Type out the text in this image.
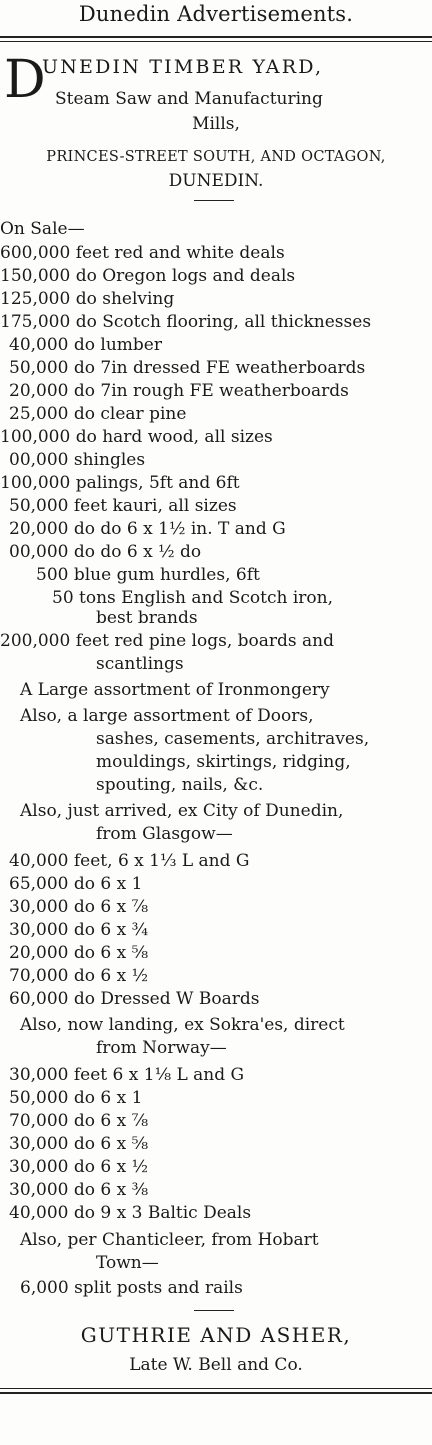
Dunedin Advertisements.
D
UNEDIN TIMBER YARD,
Steam Saw and Manufacturing
Mills,
PRINCES-STREET SOUTH, AND OCTAGON,
DUNEDIN.
On Sale—
600,000 feet red and white deals
150,000 do Oregon logs and deals
125,000 do shelving
175,000 do Scotch flooring, all thicknesses
40,000 do lumber
50,000 do 7in dressed FE weatherboards
20,000 do 7in rough FE weatherboards
25,000 do clear pine
100,000 do hard wood, all sizes
00,000 shingles
100,000 palings, 5ft and 6ft
50,000 feet kauri, all sizes
20,000 do do 6 x 1½ in. T and G
00,000 do do 6 x ½ do
500 blue gum hurdles, 6ft
50 tons English and Scotch iron,
best brands
200,000 feet red pine logs, boards and
scantlings
A Large assortment of Ironmongery
Also, a large assortment of Doors,
sashes, casements, architraves,
mouldings, skirtings, ridging,
spouting, nails, &c.
Also, just arrived, ex City of Dunedin,
from Glasgow—
40,000 feet, 6 x 1⅓ L and G
65,000 do 6 x 1
30,000 do 6 x ⅞
30,000 do 6 x ¾
20,000 do 6 x ⅝
70,000 do 6 x ½
60,000 do Dressed W Boards
Also, now landing, ex Sokra'es, direct
from Norway—
30,000 feet 6 x 1⅛ L and G
50,000 do 6 x 1
70,000 do 6 x ⅞
30,000 do 6 x ⅝
30,000 do 6 x ½
30,000 do 6 x ⅜
40,000 do 9 x 3 Baltic Deals
Also, per Chanticleer, from Hobart
Town—
6,000 split posts and rails
GUTHRIE AND ASHER,
Late W. Bell and Co.
